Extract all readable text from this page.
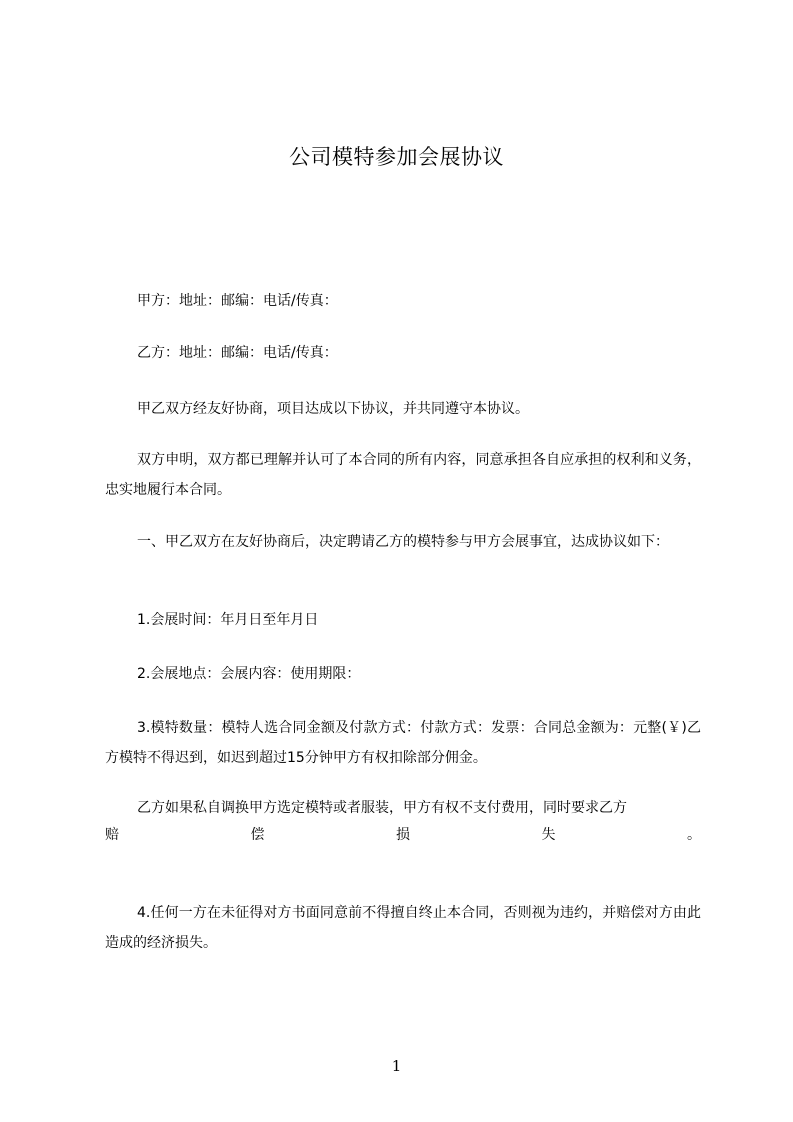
公司模特参加会展协议
甲方：地址：邮编：电话/传真：
乙方：地址：邮编：电话/传真：
甲乙双方经友好协商，项目达成以下协议，并共同遵守本协议。
双方申明，双方都已理解并认可了本合同的所有内容，同意承担各自应承担的权利和义务，忠实地履行本合同。
一、甲乙双方在友好协商后，决定聘请乙方的模特参与甲方会展事宜，达成协议如下：
1.会展时间：年月日至年月日
2.会展地点：会展内容：使用期限：
3.模特数量：模特人选合同金额及付款方式：付款方式：发票：合同总金额为：元整(￥)乙方模特不得迟到，如迟到超过15分钟甲方有权扣除部分佣金。
乙方如果私自调换甲方选定模特或者服装，甲方有权不支付费用，同时要求乙方
赔	偿	损	失	。
4.任何一方在未征得对方书面同意前不得擅自终止本合同，否则视为违约，并赔偿对方由此造成的经济损失。
1
